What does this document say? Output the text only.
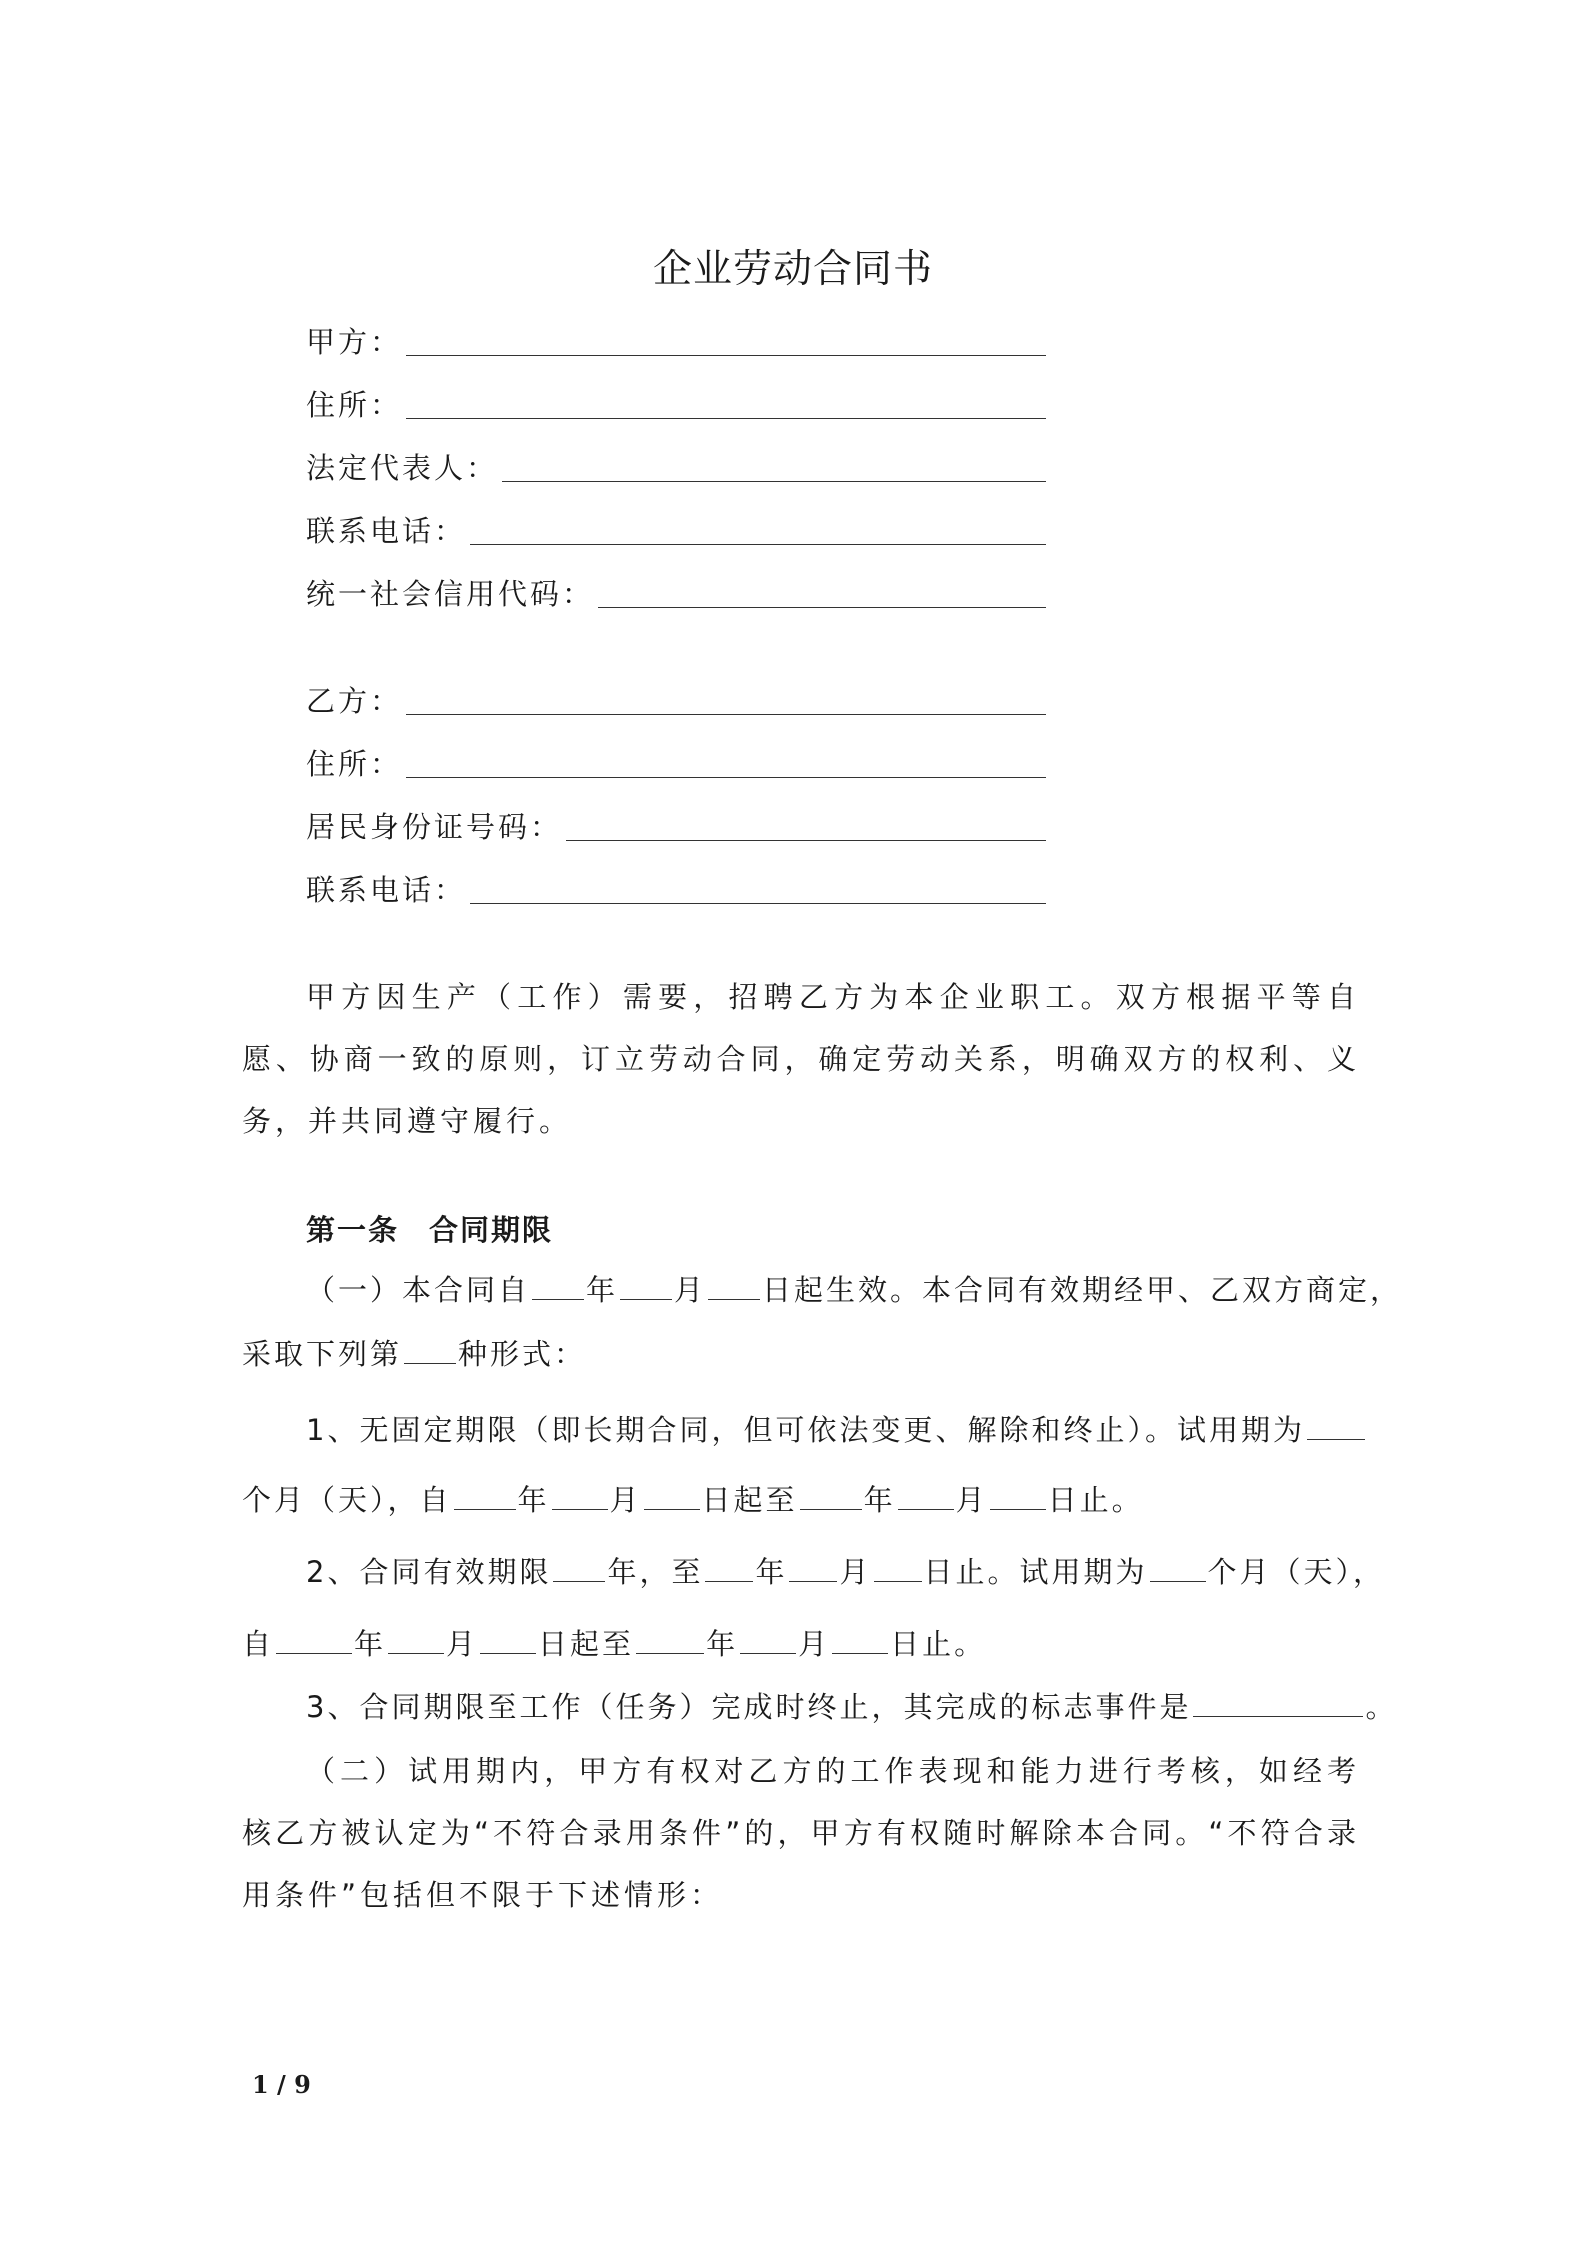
企业劳动合同书
甲方：
住所：
法定代表人：
联系电话：
统一社会信用代码：
乙方：
住所：
居民身份证号码：
联系电话：

甲方因生产（工作）需要，招聘乙方为本企业职工。双方根据平等自愿、协商一致的原则，订立劳动合同，确定劳动关系，明确双方的权利、义务，并共同遵守履行。

第一条 合同期限
（一）本合同自 年 月 日起生效。本合同有效期经甲、乙双方商定，
采取下列第 种形式：
1、无固定期限（即长期合同，但可依法变更、解除和终止）。试用期为
个月（天），自 年 月 日起至 年 月 日止。
2、合同有效期限 年，至 年 月 日止。试用期为 个月（天），
自	年 月 日起至 年 月 日止。
3、合同期限至工作（任务）完成时终止，其完成的标志事件是	。

（二）试用期内，甲方有权对乙方的工作表现和能力进行考核，如经考核乙方被认定为“不符合录用条件”的，甲方有权随时解除本合同。“不符合录用条件”包括但不限于下述情形：

1 / 9
